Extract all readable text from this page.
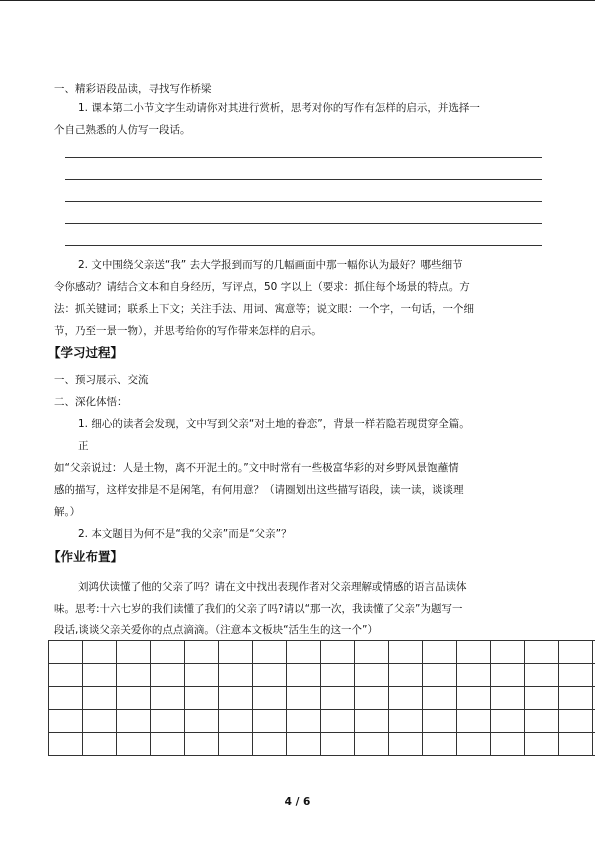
一、精彩语段品读，寻找写作桥梁
1. 课本第二小节文字生动请你对其进行赏析，思考对你的写作有怎样的启示，并选择一
个自己熟悉的人仿写一段话。
2. 文中围绕父亲送“我” 去大学报到而写的几幅画面中那一幅你认为最好？哪些细节
令你感动？请结合文本和自身经历，写评点，50 字以上（要求：抓住每个场景的特点。方
法：抓关键词；联系上下文；关注手法、用词、寓意等；说文眼：一个字，一句话，一个细
节，乃至一景一物），并思考给你的写作带来怎样的启示。
【学习过程】
一、预习展示、交流
二、深化体悟：
1. 细心的读者会发现，文中写到父亲“对土地的眷恋”，背景一样若隐若现贯穿全篇。
正
如“父亲说过：人是土物，离不开泥土的。”文中时常有一些极富华彩的对乡野风景饱蘸情
感的描写，这样安排是不是闲笔，有何用意？（请圈划出这些描写语段，读一读，谈谈理
解。）
2. 本文题目为何不是“我的父亲”而是“父亲”？
【作业布置】
刘鸿伏读懂了他的父亲了吗？请在文中找出表现作者对父亲理解或情感的语言品读体
味。思考:十六七岁的我们读懂了我们的父亲了吗?请以“那一次，我读懂了父亲”为题写一
段话,谈谈父亲关爱你的点点滴滴。（注意本文板块“活生生的这一个”）
4 / 6
